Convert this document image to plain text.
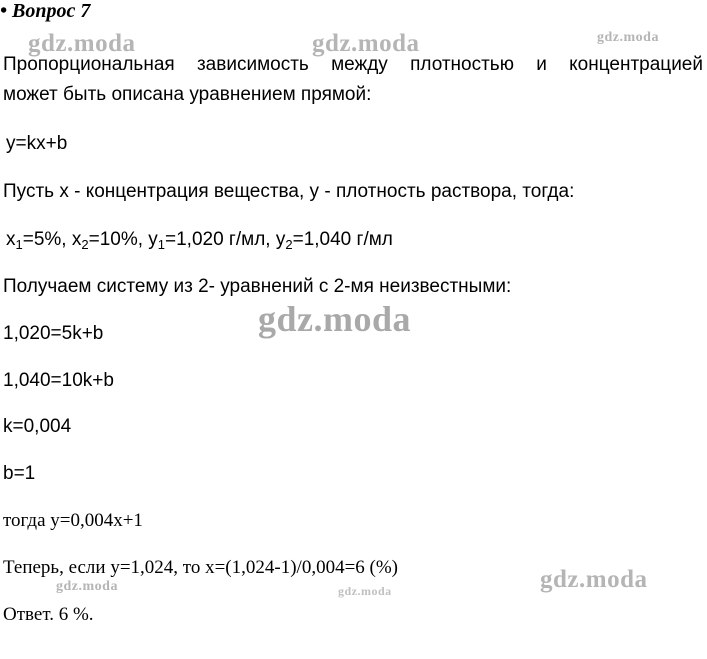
gdz.moda	gdz.moda	gdz.moda
gdz.moda
gdz.moda	gdz.moda	gdz.moda
• Вопрос 7
Пропорциональная зависимость между плотностью и концентрацией
может быть описана уравнением прямой:
y=kx+b
Пусть х - концентрация вещества, y - плотность раствора, тогда:
$x_1=5\%$, $x_2=10\%$, $y_1=1,020$ г/мл, $y_2=1,040$ г/мл
Получаем систему из 2- уравнений с 2-мя неизвестными:
1,020=5k+b
1,040=10k+b
k=0,004
b=1
тогда y=0,004x+1
Теперь, если y=1,024, то x=(1,024-1)/0,004=6 (%)
Ответ. 6 %.
